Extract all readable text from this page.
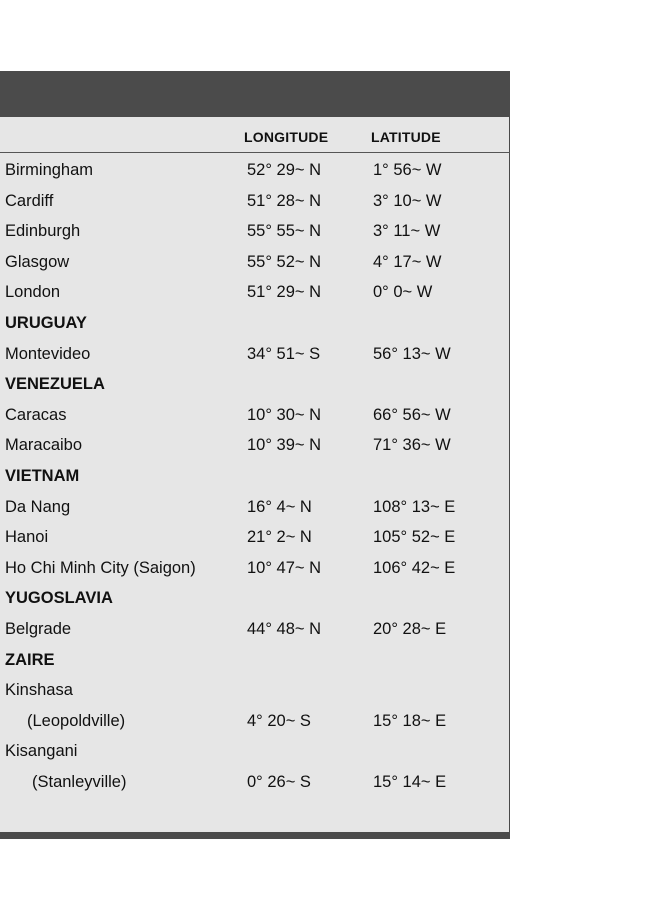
LONGITUDE	LATITUDE
Birmingham	52° 29~ N	1° 56~ W
Cardiff	51° 28~ N	3° 10~ W
Edinburgh	55° 55~ N	3° 11~ W
Glasgow	55° 52~ N	4° 17~ W
London	51° 29~ N	0° 0~ W
URUGUAY
Montevideo	34° 51~ S	56° 13~ W
VENEZUELA
Caracas	10° 30~ N	66° 56~ W
Maracaibo	10° 39~ N	71° 36~ W
VIETNAM
Da Nang	16° 4~ N	108° 13~ E
Hanoi	21° 2~ N	105° 52~ E
Ho Chi Minh City (Saigon)	10° 47~ N	106° 42~ E
YUGOSLAVIA
Belgrade	44° 48~ N	20° 28~ E
ZAIRE
Kinshasa
(Leopoldville)	4° 20~ S	15° 18~ E
Kisangani
(Stanleyville)	0° 26~ S	15° 14~ E
